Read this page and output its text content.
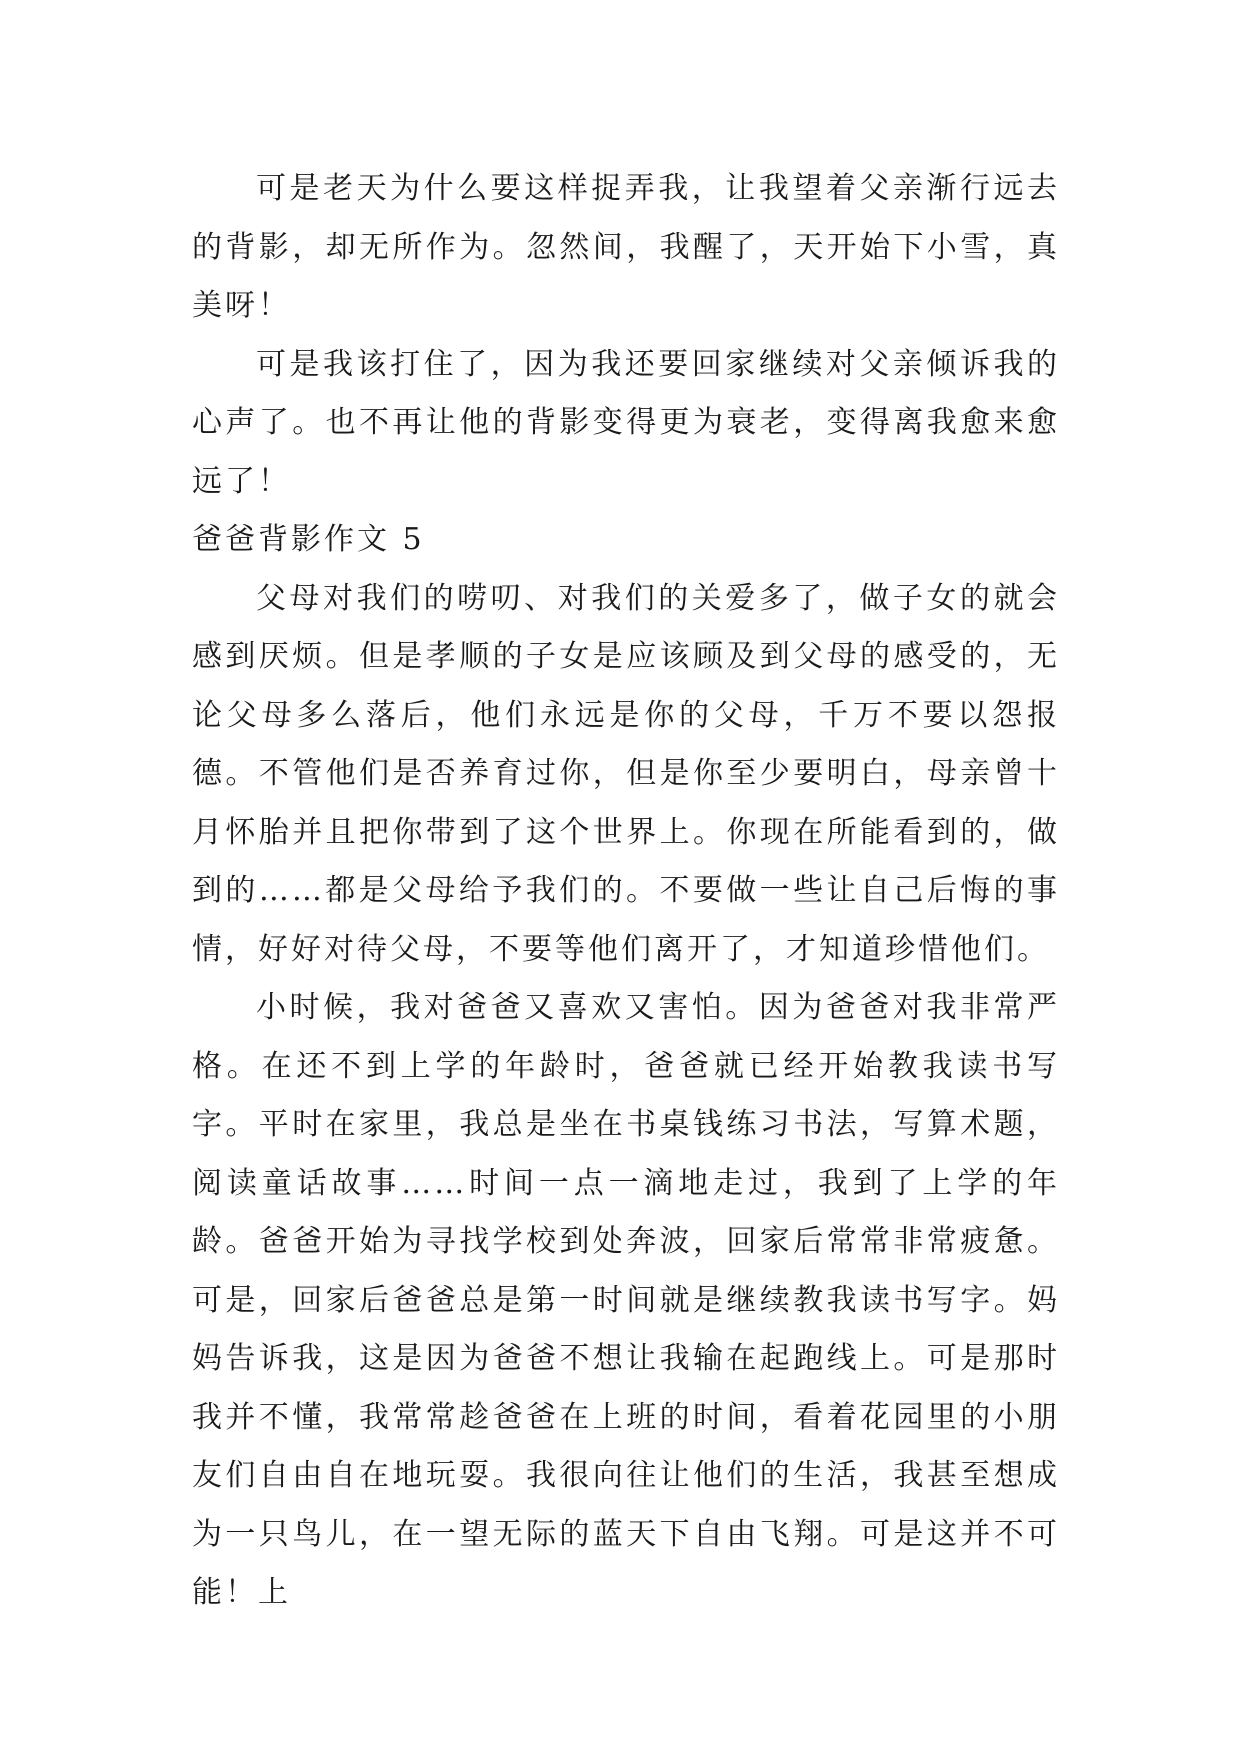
可是老天为什么要这样捉弄我，让我望着父亲渐行远去的背影，却无所作为。忽然间，我醒了，天开始下小雪，真美呀！

可是我该打住了，因为我还要回家继续对父亲倾诉我的心声了。也不再让他的背影变得更为衰老，变得离我愈来愈远了！

爸爸背影作文 5

父母对我们的唠叨、对我们的关爱多了，做子女的就会感到厌烦。但是孝顺的子女是应该顾及到父母的感受的，无论父母多么落后，他们永远是你的父母，千万不要以怨报德。不管他们是否养育过你，但是你至少要明白，母亲曾十月怀胎并且把你带到了这个世界上。你现在所能看到的，做到的……都是父母给予我们的。不要做一些让自己后悔的事情，好好对待父母，不要等他们离开了，才知道珍惜他们。

小时候，我对爸爸又喜欢又害怕。因为爸爸对我非常严格。在还不到上学的年龄时，爸爸就已经开始教我读书写字。平时在家里，我总是坐在书桌钱练习书法，写算术题，阅读童话故事……时间一点一滴地走过，我到了上学的年龄。爸爸开始为寻找学校到处奔波，回家后常常非常疲惫。可是，回家后爸爸总是第一时间就是继续教我读书写字。妈妈告诉我，这是因为爸爸不想让我输在起跑线上。可是那时我并不懂，我常常趁爸爸在上班的时间，看着花园里的小朋友们自由自在地玩耍。我很向往让他们的生活，我甚至想成为一只鸟儿，在一望无际的蓝天下自由飞翔。可是这并不可能！上
